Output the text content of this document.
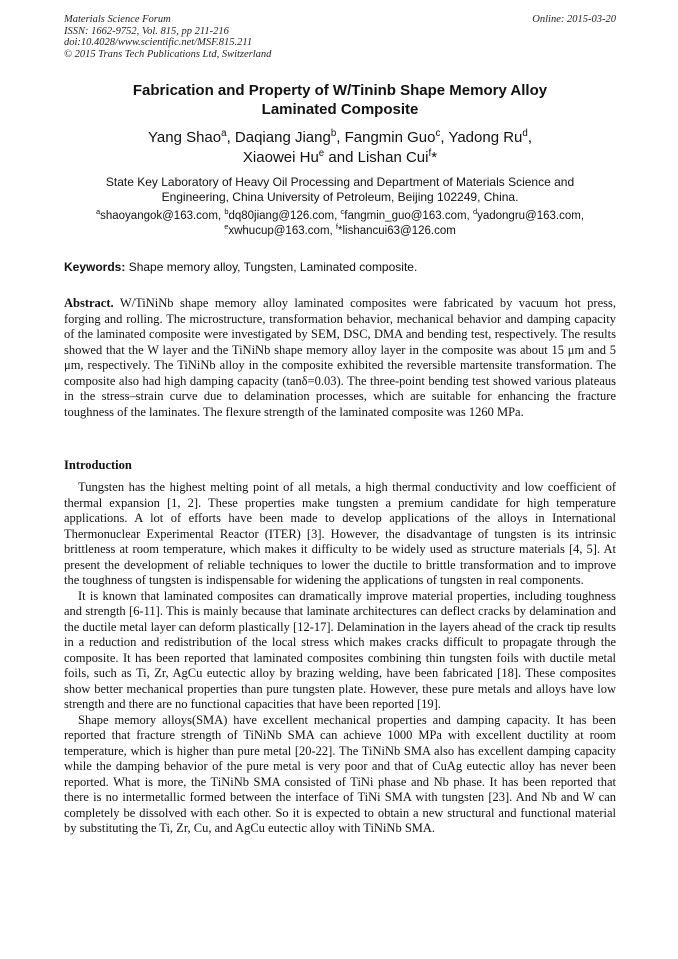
Materials Science Forum
ISSN: 1662-9752, Vol. 815, pp 211-216
doi:10.4028/www.scientific.net/MSF.815.211
© 2015 Trans Tech Publications Ltd, Switzerland
Online: 2015-03-20
Fabrication and Property of W/Tininb Shape Memory Alloy
Laminated Composite
Yang Shao$^a$, Daqiang Jiang$^b$, Fangmin Guo$^c$, Yadong Ru$^d$,
Xiaowei Hu$^e$ and Lishan Cui$^f$*
State Key Laboratory of Heavy Oil Processing and Department of Materials Science and
Engineering, China University of Petroleum, Beijing 102249, China.
$^a$shaoyangok@163.com, $^b$dq80jiang@126.com, $^c$fangmin_guo@163.com, $^d$yadongru@163.com,
$^e$xwhucup@163.com, $^f$*lishancui63@126.com
Keywords: Shape memory alloy, Tungsten, Laminated composite.
Abstract. W/TiNiNb shape memory alloy laminated composites were fabricated by vacuum hot press, forging and rolling. The microstructure, transformation behavior, mechanical behavior and damping capacity of the laminated composite were investigated by SEM, DSC, DMA and bending test, respectively. The results showed that the W layer and the TiNiNb shape memory alloy layer in the composite was about 15 μm and 5 μm, respectively. The TiNiNb alloy in the composite exhibited the reversible martensite transformation. The composite also had high damping capacity (tanδ=0.03). The three-point bending test showed various plateaus in the stress–strain curve due to delamination processes, which are suitable for enhancing the fracture toughness of the laminates. The flexure strength of the laminated composite was 1260 MPa.
Introduction

Tungsten has the highest melting point of all metals, a high thermal conductivity and low coefficient of thermal expansion [1, 2]. These properties make tungsten a premium candidate for high temperature applications. A lot of efforts have been made to develop applications of the alloys in International Thermonuclear Experimental Reactor (ITER) [3]. However, the disadvantage of tungsten is its intrinsic brittleness at room temperature, which makes it difficulty to be widely used as structure materials [4, 5]. At present the development of reliable techniques to lower the ductile to brittle transformation and to improve the toughness of tungsten is indispensable for widening the applications of tungsten in real components.

It is known that laminated composites can dramatically improve material properties, including toughness and strength [6-11]. This is mainly because that laminate architectures can deflect cracks by delamination and the ductile metal layer can deform plastically [12-17]. Delamination in the layers ahead of the crack tip results in a reduction and redistribution of the local stress which makes cracks difficult to propagate through the composite. It has been reported that laminated composites combining thin tungsten foils with ductile metal foils, such as Ti, Zr, AgCu eutectic alloy by brazing welding, have been fabricated [18]. These composites show better mechanical properties than pure tungsten plate. However, these pure metals and alloys have low strength and there are no functional capacities that have been reported [19].

Shape memory alloys(SMA) have excellent mechanical properties and damping capacity. It has been reported that fracture strength of TiNiNb SMA can achieve 1000 MPa with excellent ductility at room temperature, which is higher than pure metal [20-22]. The TiNiNb SMA also has excellent damping capacity while the damping behavior of the pure metal is very poor and that of CuAg eutectic alloy has never been reported. What is more, the TiNiNb SMA consisted of TiNi phase and Nb phase. It has been reported that there is no intermetallic formed between the interface of TiNi SMA with tungsten [23]. And Nb and W can completely be dissolved with each other. So it is expected to obtain a new structural and functional material by substituting the Ti, Zr, Cu, and AgCu eutectic alloy with TiNiNb SMA.
